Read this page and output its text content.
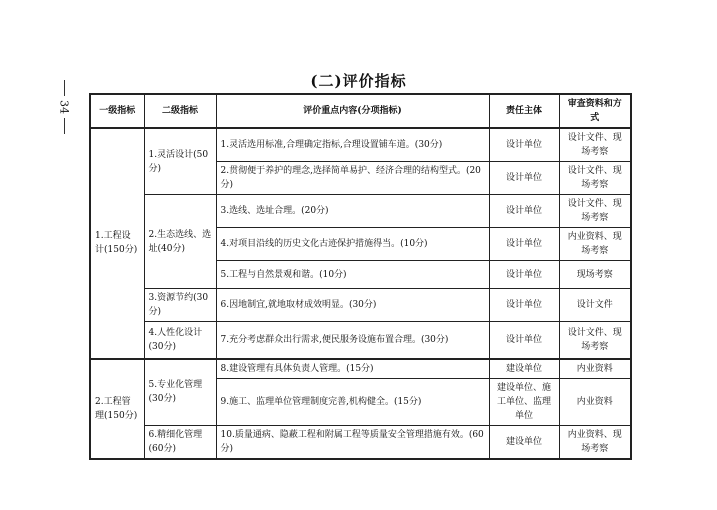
34
(二)评价指标
一级指标	二级指标	评价重点内容(分项指标)	责任主体	审查资料和方式
1.工程设计(150分)	1.灵活设计(50分)	1.灵活选用标准,合理确定指标,合理设置铺车道。(30分)	设计单位	设计文件、现场考察
		2.贯彻便于养护的理念,选择简单易护、经济合理的结构型式。(20分)	设计单位	设计文件、现场考察
	2.生态选线、选址(40分)	3.选线、选址合理。(20分)	设计单位	设计文件、现场考察
		4.对项目沿线的历史文化古迹保护措施得当。(10分)	设计单位	内业资料、现场考察
		5.工程与自然景观和谐。(10分)	设计单位	现场考察
	3.资源节约(30分)	6.因地制宜,就地取材成效明显。(30分)	设计单位	设计文件
	4.人性化设计(30分)	7.充分考虑群众出行需求,便民服务设施布置合理。(30分)	设计单位	设计文件、现场考察
2.工程管理(150分)	5.专业化管理(30分)	8.建设管理有具体负责人管理。(15分)	建设单位	内业资料
		9.施工、监理单位管理制度完善,机构健全。(15分)	建设单位、施工单位、监理单位	内业资料
	6.精细化管理(60分)	10.质量通病、隐蔽工程和附属工程等质量安全管理措施有效。(60分)	建设单位	内业资料、现场考察
